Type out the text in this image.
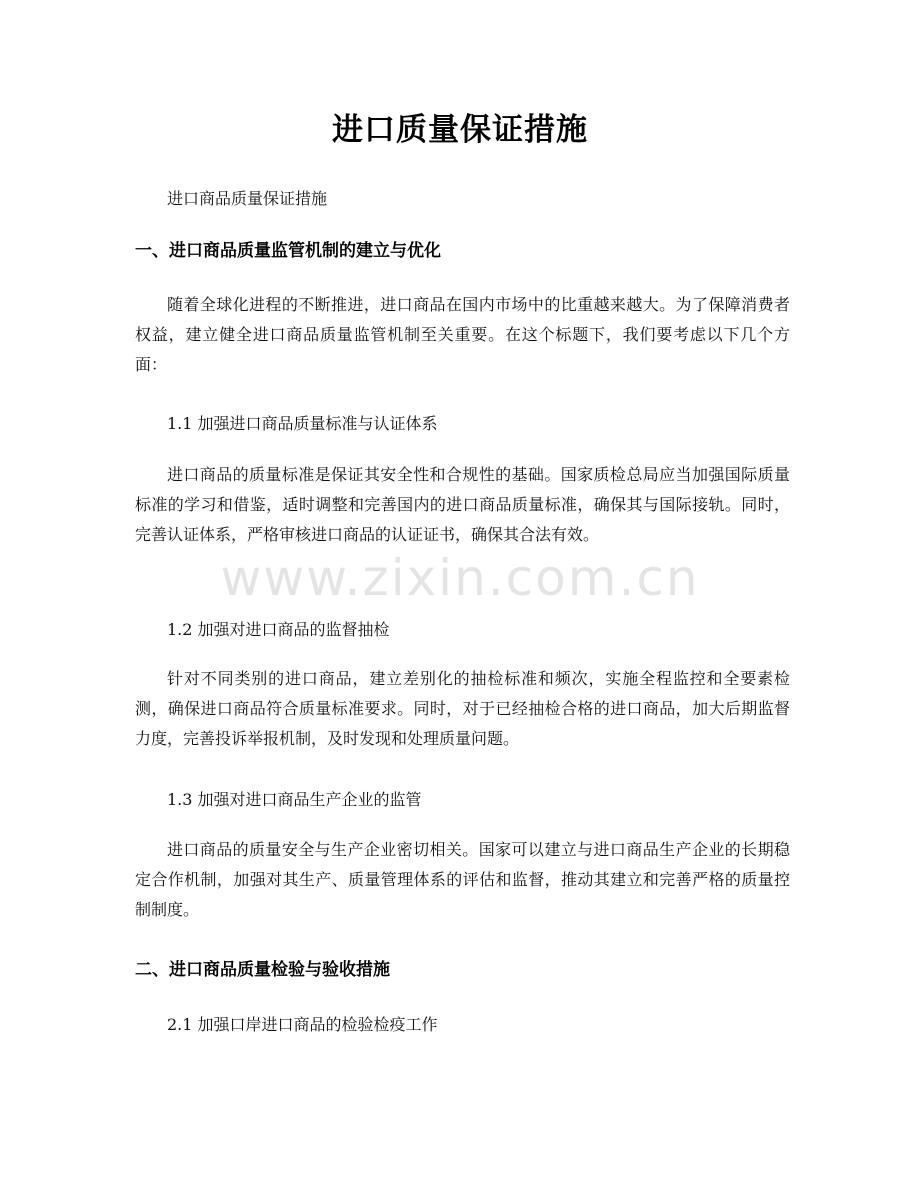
进口质量保证措施
进口商品质量保证措施
一、进口商品质量监管机制的建立与优化
随着全球化进程的不断推进，进口商品在国内市场中的比重越来越大。为了保障消费者权益，建立健全进口商品质量监管机制至关重要。在这个标题下，我们要考虑以下几个方面：
1.1 加强进口商品质量标准与认证体系
进口商品的质量标准是保证其安全性和合规性的基础。国家质检总局应当加强国际质量标准的学习和借鉴，适时调整和完善国内的进口商品质量标准，确保其与国际接轨。同时，完善认证体系，严格审核进口商品的认证证书，确保其合法有效。
1.2 加强对进口商品的监督抽检
针对不同类别的进口商品，建立差别化的抽检标准和频次，实施全程监控和全要素检测，确保进口商品符合质量标准要求。同时，对于已经抽检合格的进口商品，加大后期监督力度，完善投诉举报机制，及时发现和处理质量问题。
1.3 加强对进口商品生产企业的监管
进口商品的质量安全与生产企业密切相关。国家可以建立与进口商品生产企业的长期稳定合作机制，加强对其生产、质量管理体系的评估和监督，推动其建立和完善严格的质量控制制度。
二、进口商品质量检验与验收措施
2.1 加强口岸进口商品的检验检疫工作
www.zixin.com.cn
